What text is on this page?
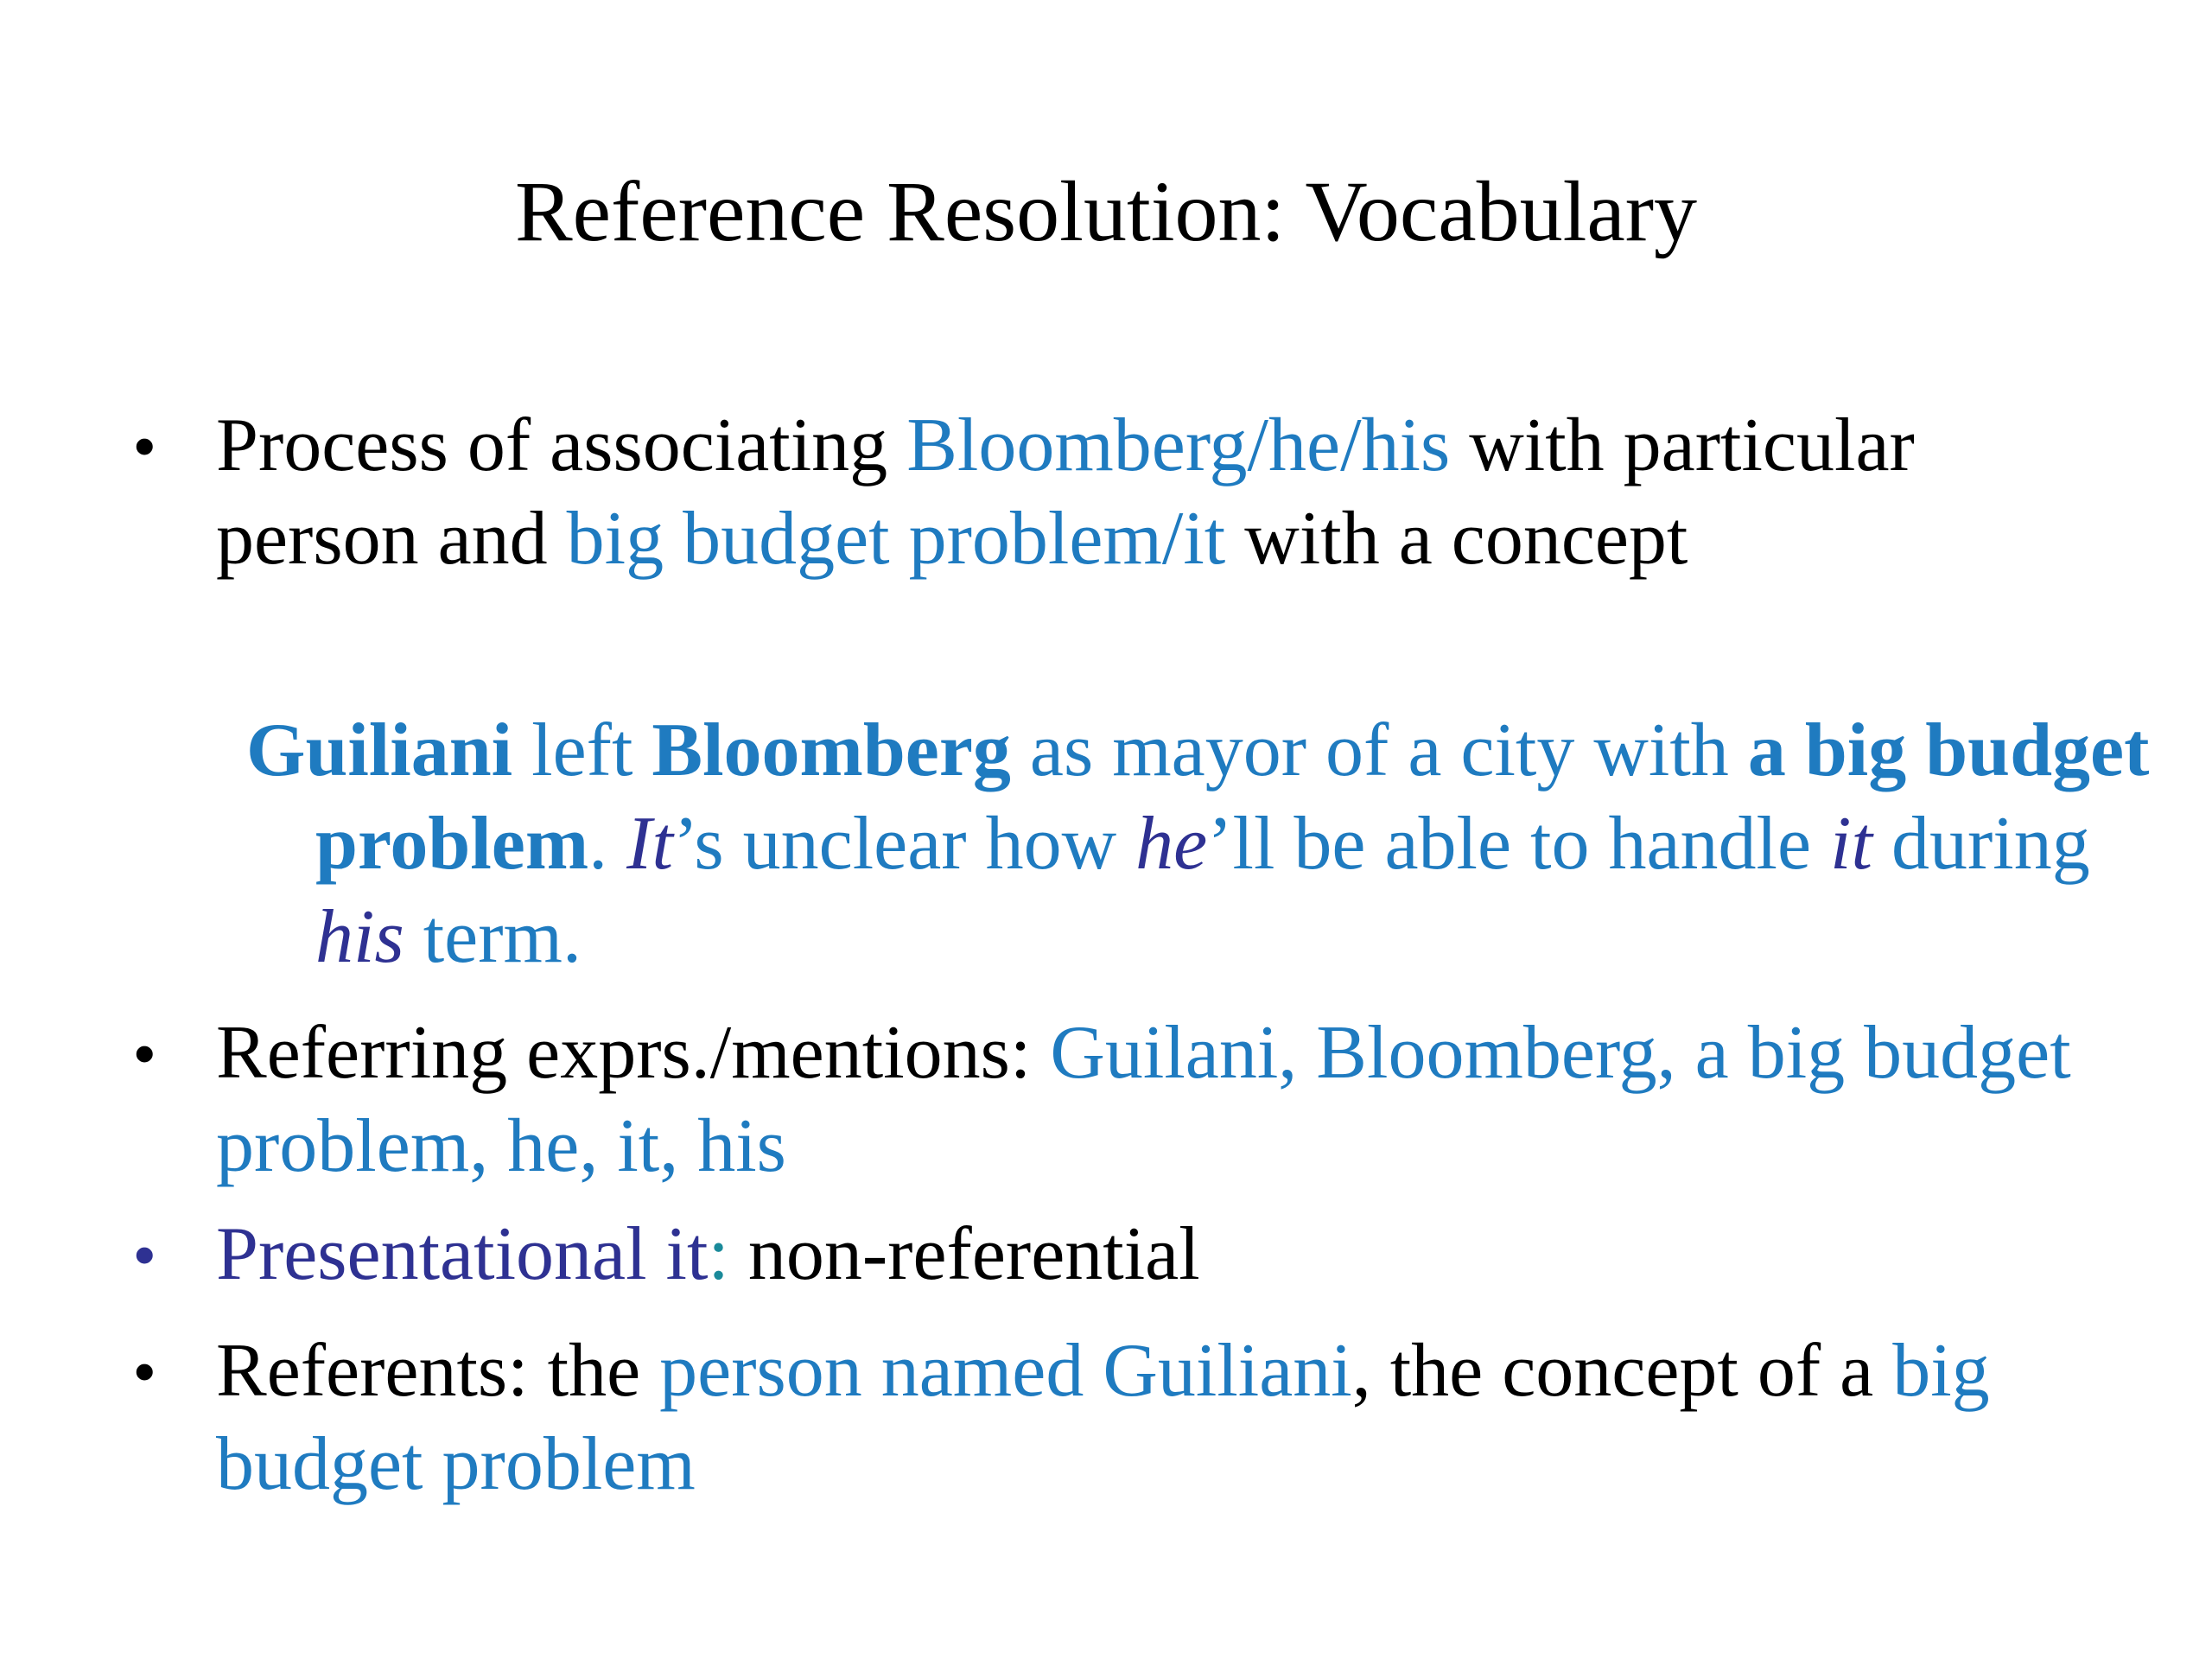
Reference Resolution: Vocabulary
• Process of associating Bloomberg/he/his with particular person and big budget problem/it with a concept
Guiliani left Bloomberg as mayor of a city with a big budget problem. It’s unclear how he’ll be able to handle it during his term.
• Referring exprs./mentions: Guilani, Bloomberg, a big budget problem, he, it, his
• Presentational it: non-referential
• Referents: the person named Guiliani, the concept of a big budget problem
